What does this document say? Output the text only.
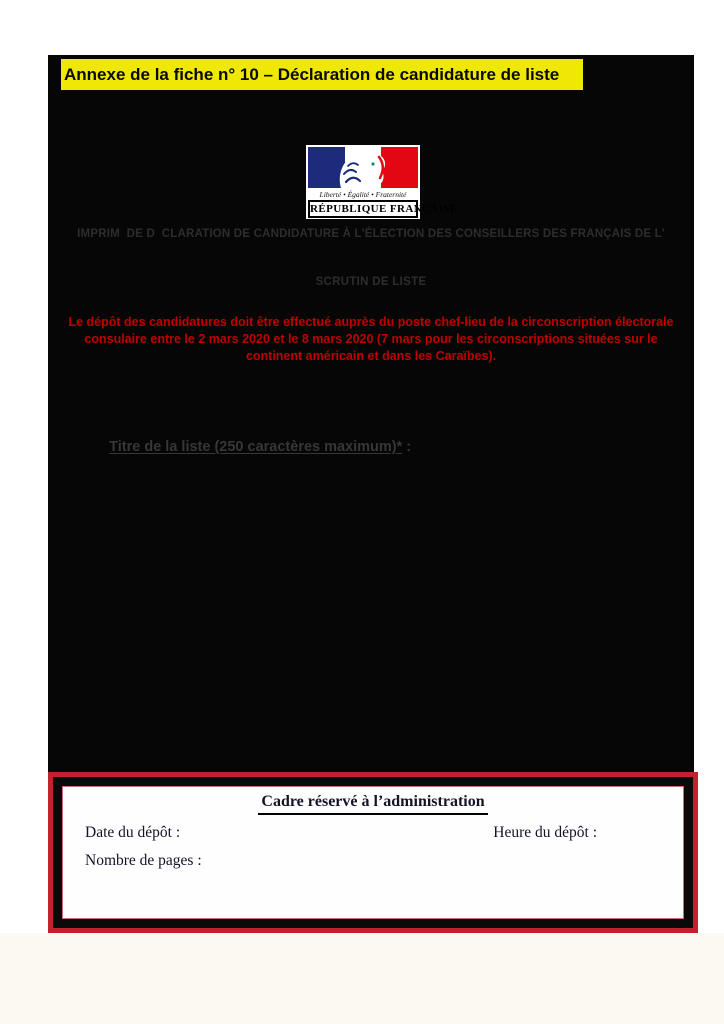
Annexe de la fiche n° 10 – Déclaration de candidature de liste
Liberté • Égalité • Fraternité
RÉPUBLIQUE FRANÇAISE
IMPRIM  DE D  CLARATION DE CANDIDATURE À L'ÉLECTION DES CONSEILLERS DES FRANÇAIS DE L'
SCRUTIN DE LISTE
Le dépôt des candidatures doit être effectué auprès du poste chef-lieu de la circonscription électorale consulaire entre le 2 mars 2020 et le 8 mars 2020 (7 mars pour les circonscriptions situées sur le continent américain et dans les Caraïbes).

Titre de la liste (250 caractères maximum)* :

Cadre réservé à l’administration
Date du dépôt :	Heure du dépôt :
Nombre de pages :
